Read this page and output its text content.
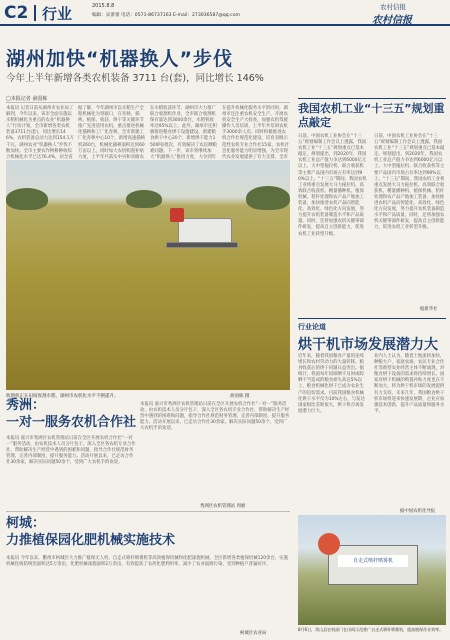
C2 行业	2015.8.8
编辑：宋蕾蕾 电话：0571-86737163 E-mail：273036587@qq.com
农村信报
农村信报
湖州加快“机器换人”步伐
今年上半年新增各类农机装备 3711 台(套)，同比增长 146%
□本报记者 俞国栋
本报讯 记者日前从湖州市农业局了解到，今年以来，该市全面实施以水稻机械化为重点的农业“机器换人”行动计划，全市新增各类农机装备3711台(套)，同比增长146%，农机装备总动力达到154.1万千瓦，湖州农业“机器换人”步伐不断加快。全市主要农作物耕种收综合机械化水平已达76.4%，居全省
据了解，今年湖州市以水稻生产全程机械化为突破口，在育秧、插秧、植保、收获、烘干等关键环节推广先进适用农机，重点推进机械化插秧和工厂化育秧，全市新建工厂化育秧中心10个，新增高速插秧机260台，机械化插秧面积达到60万亩以上。同时加大农机购置补贴力度，上半年共落实中央和省级农
在水稻收获环节，湖州市大力推广联合收割机作业，全市联合收割机保有量达到3000余台，水稻机收率达95%以上。此外，湖州市还积极推进粮食烘干设施建设，新建粮食烘干中心20个，新增烘干能力1500吨/批次，有效解决了农民晒粮难问题。下一步，该市将继续加大“机器换人”推进力度，力争到年
在提升机械化服务水平的同时，湖州市还注重农机安全生产，开展农机安全生产大检查，加强农机驾驶操作人员培训，上半年共培训农机手3000余人次。同时积极推进农机合作社规范化建设，培育省级示范性农机专业合作社15家，农机社会化服务能力明显增强，为全市现代农业发展提供了有力支撑，全市
收割机正在田间收割水稻，湖州市农机化水平不断提升。	俞国栋 摄
我国农机工业“十三五”规划重点敲定
日前，中国农机工业协会在“十三五”规划编制工作会议上透露，我国农机工业“十三五”规划重点已基本敲定。规划提出，到2020年，我国农机工业总产值力争达到6000亿元以上，大中型拖拉机、联合收获机等主要产品国内市场占有率达到90%以上。“十三五”期间，我国农机工业将重点发展大马力拖拉机、高效联合收获机、精量播种机、植保机械、秸秆处理和农产品产地加工装备，加快推进农机产品向智能化、高效化、绿色化方向发展，努力提升农机装备制造水平和产品质量。同时，还将加强农机关键零部件研发，提高自主创新能力，促进农机工业转型升级。
日前，中国农机工业协会在“十三五”规划编制工作会议上透露，我国农机工业“十三五”规划重点已基本敲定。规划提出，到2020年，我国农机工业总产值力争达到6000亿元以上，大中型拖拉机、联合收获机等主要产品国内市场占有率达到90%以上。“十三五”期间，我国农机工业将重点发展大马力拖拉机、高效联合收获机、精量播种机、植保机械、秸秆处理和农产品产地加工装备，加快推进农机产品向智能化、高效化、绿色化方向发展，努力提升农机装备制造水平和产品质量。同时，还将加强农机关键零部件研发，提高自主创新能力，促进农机工业转型升级。
据新华社
行业论道
烘干机市场发展潜力大
近年来，随着我国粮食产量的连续增长和农村劳动力的大量转移，粮食收获后的烘干问题日益突出。据统计，我国每年因晾晒不及时或晾晒不当造成的粮食损失高达5%以上，粮食机械化烘干已成为农业生产的迫切需求。目前我国粮食机械化烘干水平仅为10%左右，与发达国家相比差距很大，烘干机市场发展潜力巨大。
业内人士认为，随着土地流转加快，种粮大户、家庭农场、农民专业合作社等新型农业经营主体不断涌现，对粮食烘干设备的需求将持续增长。国家对烘干机械的购置补贴力度也在不断加大，将为烘干机市场的发展提供有力支持。未来几年，我国粮食烘干机市场将迎来快速发展期，企业应加强技术创新，提升产品质量和服务水平。
据中国农机化导报
秀洲：
一对一服务农机合作社
本报讯 嘉兴市秀洲区农机管理站日前在全区开展农机合作社“一对一”服务活动，由农机技术人员分片包干，深入全区各农机专业合作社，帮助解决生产经营中遇到的困难和问题，指导合作社规范财务管理、完善内部制度、提升服务能力。活动开展以来，已走访合作社30余家，解决实际问题50余个，受到广大农机手的欢迎。
本报讯 嘉兴市秀洲区农机管理站日前在全区开展农机合作社“一对一”服务活动，由农机技术人员分片包干，深入全区各农机专业合作社，帮助解决生产经营中遇到的困难和问题，指导合作社规范财务管理、完善内部制度、提升服务能力。活动开展以来，已走访合作社30余家，解决实际问题50余个，受到广大农机手的欢迎。
秀洲区农机管理站 周丽
柯城：
力推植保园化肥机械实施技术
本报讯 今年以来，衢州市柯城区大力推广植保无人机、自走式喷杆喷雾机等高效植保机械和化肥深施机械，全区新增各类植保机械120余台，实施机械化统防统治面积达5万余亩，化肥机械深施面积2万余亩，有效提高了农药化肥利用率，减少了农业面源污染，受到种植户普遍好评。
柯城区农业局
自走式喷杆喷雾机
8月6日，常山县农机部门在田间示范推广自走式喷杆喷雾机，提高植保作业效率。
